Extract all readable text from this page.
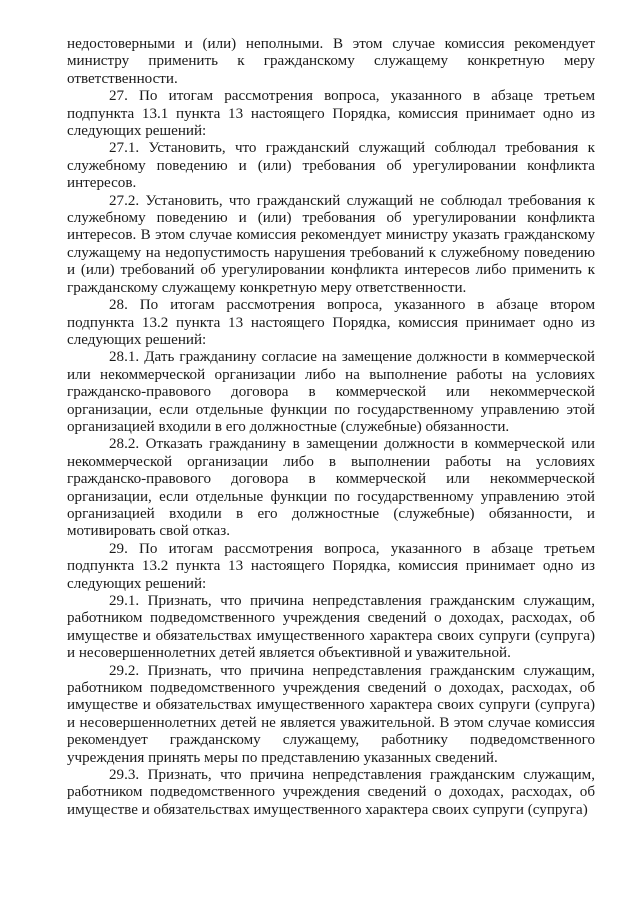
недостоверными и (или) неполными. В этом случае комиссия рекомендует министру применить к гражданскому служащему конкретную меру ответственности.

27. По итогам рассмотрения вопроса, указанного в абзаце третьем подпункта 13.1 пункта 13 настоящего Порядка, комиссия принимает одно из следующих решений:

27.1. Установить, что гражданский служащий соблюдал требования к служебному поведению и (или) требования об урегулировании конфликта интересов.

27.2. Установить, что гражданский служащий не соблюдал требования к служебному поведению и (или) требования об урегулировании конфликта интересов. В этом случае комиссия рекомендует министру указать гражданскому служащему на недопустимость нарушения требований к служебному поведению и (или) требований об урегулировании конфликта интересов либо применить к гражданскому служащему конкретную меру ответственности.

28. По итогам рассмотрения вопроса, указанного в абзаце втором подпункта 13.2 пункта 13 настоящего Порядка, комиссия принимает одно из следующих решений:

28.1. Дать гражданину согласие на замещение должности в коммерческой или некоммерческой организации либо на выполнение работы на условиях гражданско-правового договора в коммерческой или некоммерческой организации, если отдельные функции по государственному управлению этой организацией входили в его должностные (служебные) обязанности.

28.2. Отказать гражданину в замещении должности в коммерческой или некоммерческой организации либо в выполнении работы на условиях гражданско-правового договора в коммерческой или некоммерческой организации, если отдельные функции по государственному управлению этой организацией входили в его должностные (служебные) обязанности, и мотивировать свой отказ.

29. По итогам рассмотрения вопроса, указанного в абзаце третьем подпункта 13.2 пункта 13 настоящего Порядка, комиссия принимает одно из следующих решений:

29.1. Признать, что причина непредставления гражданским служащим, работником подведомственного учреждения сведений о доходах, расходах, об имуществе и обязательствах имущественного характера своих супруги (супруга) и несовершеннолетних детей является объективной и уважительной.

29.2. Признать, что причина непредставления гражданским служащим, работником подведомственного учреждения сведений о доходах, расходах, об имуществе и обязательствах имущественного характера своих супруги (супруга) и несовершеннолетних детей не является уважительной. В этом случае комиссия рекомендует гражданскому служащему, работнику подведомственного учреждения принять меры по представлению указанных сведений.

29.3. Признать, что причина непредставления гражданским служащим, работником подведомственного учреждения сведений о доходах, расходах, об имуществе и обязательствах имущественного характера своих супруги (супруга)
